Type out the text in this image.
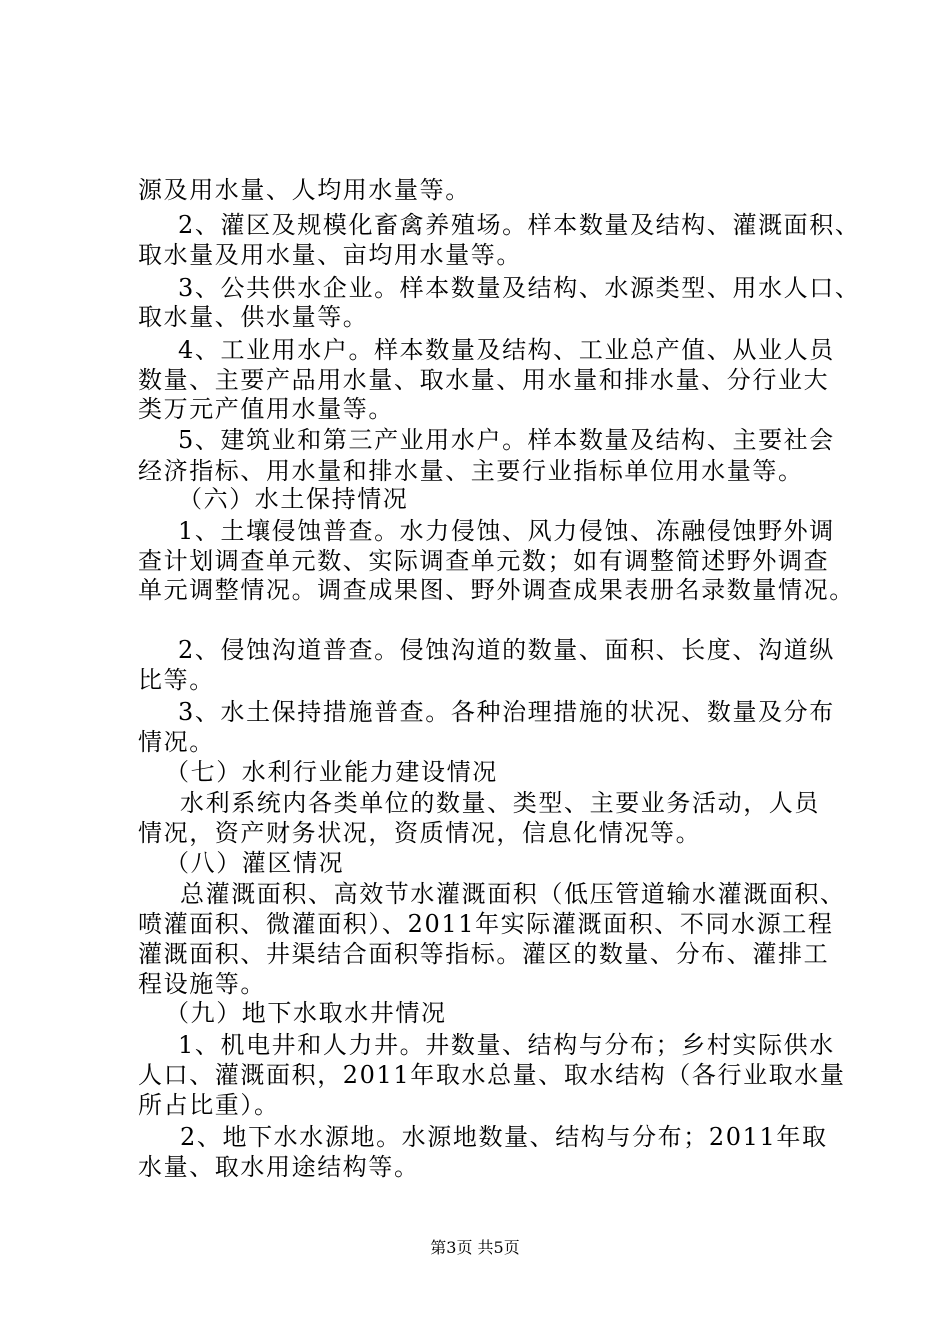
源及用水量、人均用水量等。
2、灌区及规模化畜禽养殖场。样本数量及结构、灌溉面积、
取水量及用水量、亩均用水量等。
3、公共供水企业。样本数量及结构、水源类型、用水人口、
取水量、供水量等。
4、工业用水户。样本数量及结构、工业总产值、从业人员
数量、主要产品用水量、取水量、用水量和排水量、分行业大
类万元产值用水量等。
5、建筑业和第三产业用水户。样本数量及结构、主要社会
经济指标、用水量和排水量、主要行业指标单位用水量等。
（六）水土保持情况
1、土壤侵蚀普查。水力侵蚀、风力侵蚀、冻融侵蚀野外调
查计划调查单元数、实际调查单元数；如有调整简述野外调查
单元调整情况。调查成果图、野外调查成果表册名录数量情况。
2、侵蚀沟道普查。侵蚀沟道的数量、面积、长度、沟道纵
比等。
3、水土保持措施普查。各种治理措施的状况、数量及分布
情况。
（七）水利行业能力建设情况
水利系统内各类单位的数量、类型、主要业务活动，人员
情况，资产财务状况，资质情况，信息化情况等。
（八）灌区情况
总灌溉面积、高效节水灌溉面积（低压管道输水灌溉面积、
喷灌面积、微灌面积）、2011年实际灌溉面积、不同水源工程
灌溉面积、井渠结合面积等指标。灌区的数量、分布、灌排工
程设施等。
（九）地下水取水井情况
1、机电井和人力井。井数量、结构与分布；乡村实际供水
人口、灌溉面积，2011年取水总量、取水结构（各行业取水量
所占比重）。
2、地下水水源地。水源地数量、结构与分布；2011年取
水量、取水用途结构等。
第3页 共5页
